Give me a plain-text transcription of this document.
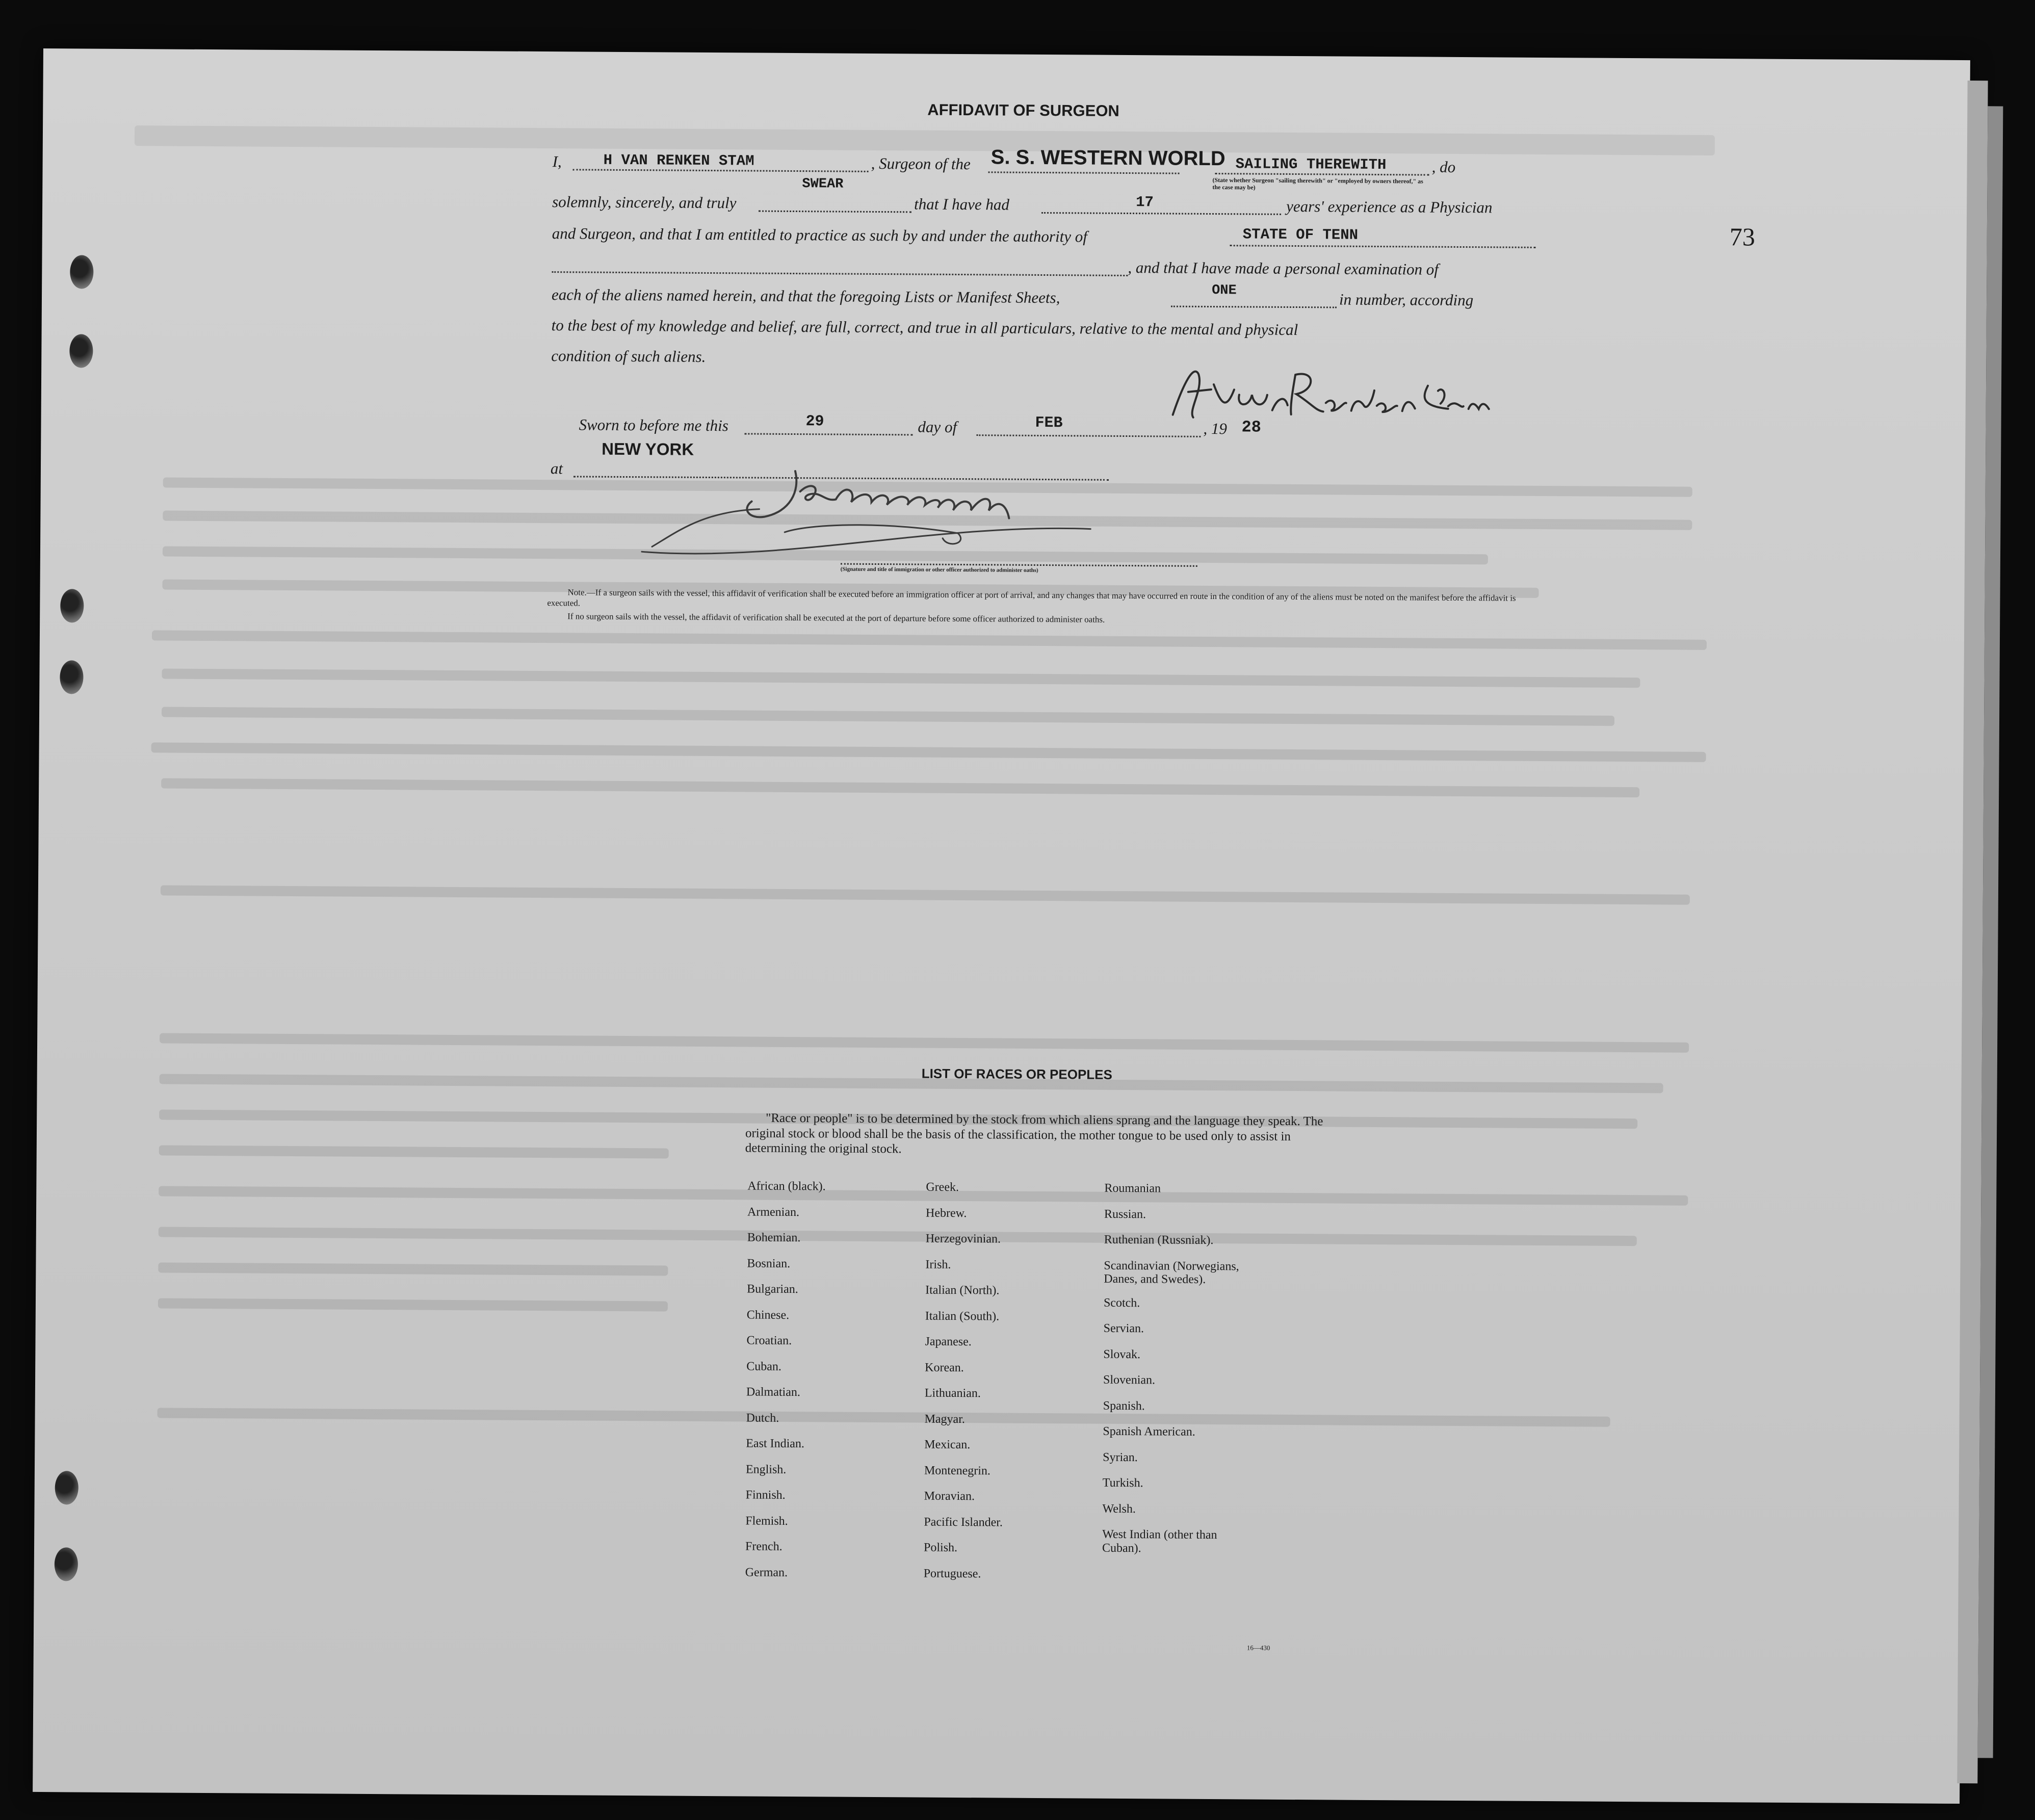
73
AFFIDAVIT OF SURGEON
I,	H VAN RENKEN STAM	, Surgeon of the S. S. WESTERN WORLD SAILING THEREWITH	, do
(State whether Surgeon "sailing therewith" or "employed by owners thereof," as the case may be)
solemnly, sincerely, and truly
SWEAR
that I have had	17	years' experience as a Physician
and Surgeon, and that I am entitled to practice as such by and under the authority of	STATE OF TENN
, and that I have made a personal examination of
each of the aliens named herein, and that the foregoing Lists or Manifest Sheets,	ONE	in number, according
to the best of my knowledge and belief, are full, correct, and true in all particulars, relative to the mental and physical
condition of such aliens.
Sworn to before me this	29	day of	FEB	, 19 28
NEW YORK
at
(Signature and title of immigration or other officer authorized to administer oaths)
Note.—If a surgeon sails with the vessel, this affidavit of verification shall be executed before an immigration officer at port of arrival, and any changes that may have occurred en route in the condition of any of the aliens must be noted on the manifest before the affidavit is executed.
If no surgeon sails with the vessel, the affidavit of verification shall be executed at the port of departure before some officer authorized to administer oaths.
LIST OF RACES OR PEOPLES
"Race or people" is to be determined by the stock from which aliens sprang and the language they speak. The original stock or blood shall be the basis of the classification, the mother tongue to be used only to assist in determining the original stock.
African (black).
Armenian.
Bohemian.
Bosnian.
Bulgarian.
Chinese.
Croatian.
Cuban.
Dalmatian.
Dutch.
East Indian.
English.
Finnish.
Flemish.
French.
German.
Greek.
Hebrew.
Herzegovinian.
Irish.
Italian (North).
Italian (South).
Japanese.
Korean.
Lithuanian.
Magyar.
Mexican.
Montenegrin.
Moravian.
Pacific Islander.
Polish.
Portuguese.
Roumanian
Russian.
Ruthenian (Russniak).
Scandinavian (Norwegians, Danes, and Swedes).
Scotch.
Servian.
Slovak.
Slovenian.
Spanish.
Spanish American.
Syrian.
Turkish.
Welsh.
West Indian (other than Cuban).
16—430
